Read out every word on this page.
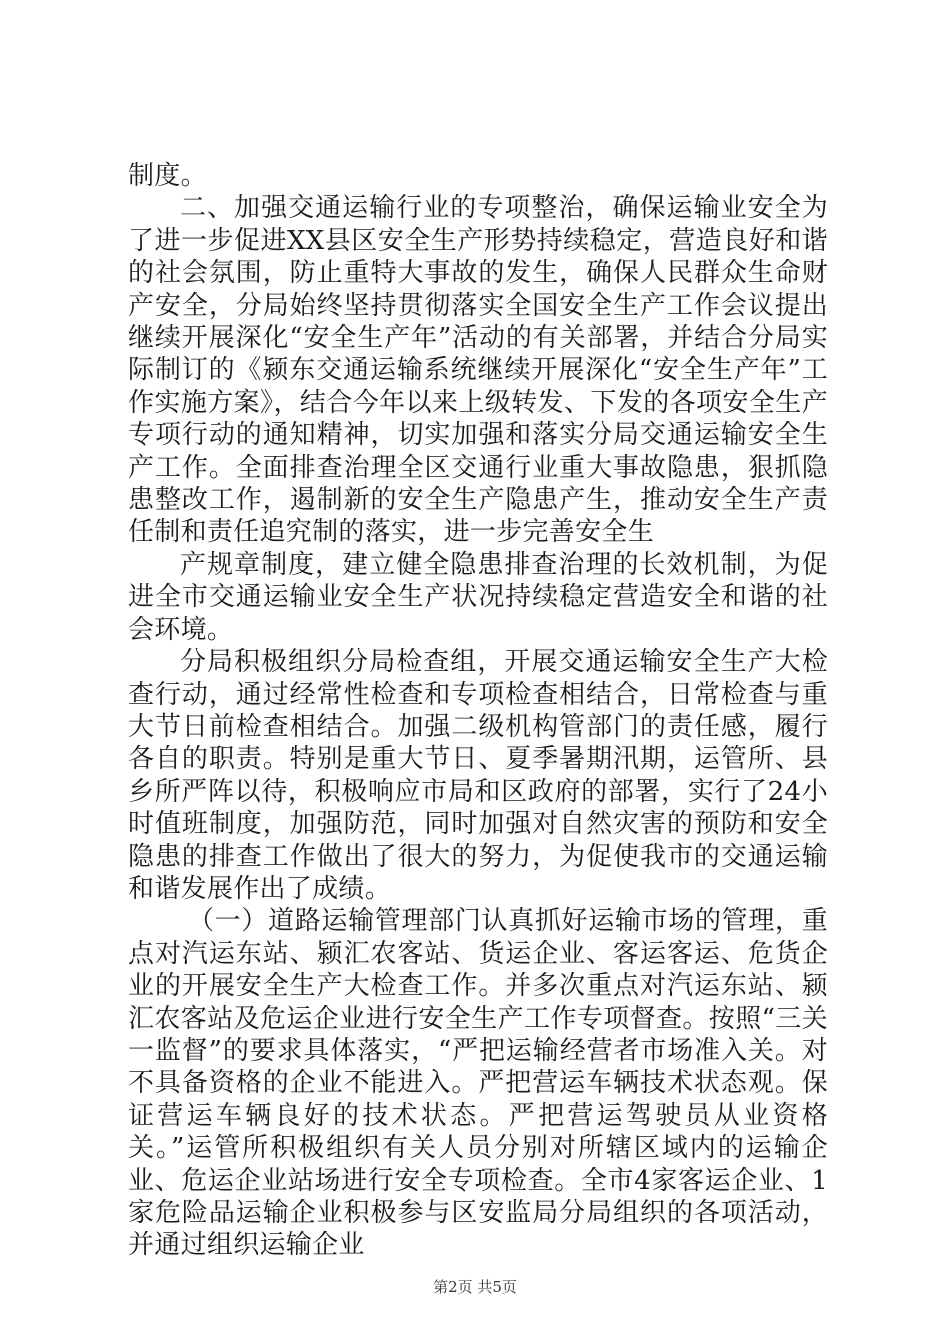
制度。

二、加强交通运输行业的专项整治，确保运输业安全为了进一步促进XX县区安全生产形势持续稳定，营造良好和谐的社会氛围，防止重特大事故的发生，确保人民群众生命财产安全，分局始终坚持贯彻落实全国安全生产工作会议提出继续开展深化“安全生产年”活动的有关部署，并结合分局实际制订的《颍东交通运输系统继续开展深化“安全生产年”工作实施方案》，结合今年以来上级转发、下发的各项安全生产专项行动的通知精神，切实加强和落实分局交通运输安全生产工作。全面排查治理全区交通行业重大事故隐患，狠抓隐患整改工作，遏制新的安全生产隐患产生，推动安全生产责任制和责任追究制的落实，进一步完善安全生

产规章制度，建立健全隐患排查治理的长效机制，为促进全市交通运输业安全生产状况持续稳定营造安全和谐的社会环境。

分局积极组织分局检查组，开展交通运输安全生产大检查行动，通过经常性检查和专项检查相结合，日常检查与重大节日前检查相结合。加强二级机构管部门的责任感，履行各自的职责。特别是重大节日、夏季暑期汛期，运管所、县乡所严阵以待，积极响应市局和区政府的部署，实行了24小时值班制度，加强防范，同时加强对自然灾害的预防和安全隐患的排查工作做出了很大的努力，为促使我市的交通运输和谐发展作出了成绩。

（一）道路运输管理部门认真抓好运输市场的管理，重点对汽运东站、颍汇农客站、货运企业、客运客运、危货企业的开展安全生产大检查工作。并多次重点对汽运东站、颍汇农客站及危运企业进行安全生产工作专项督查。按照“三关一监督”的要求具体落实，“严把运输经营者市场准入关。对不具备资格的企业不能进入。严把营运车辆技术状态观。保证营运车辆良好的技术状态。严把营运驾驶员从业资格关。”运管所积极组织有关人员分别对所辖区域内的运输企业、危运企业站场进行安全专项检查。全市4家客运企业、1家危险品运输企业积极参与区安监局分局组织的各项活动，并通过组织运输企业

第2页 共5页
